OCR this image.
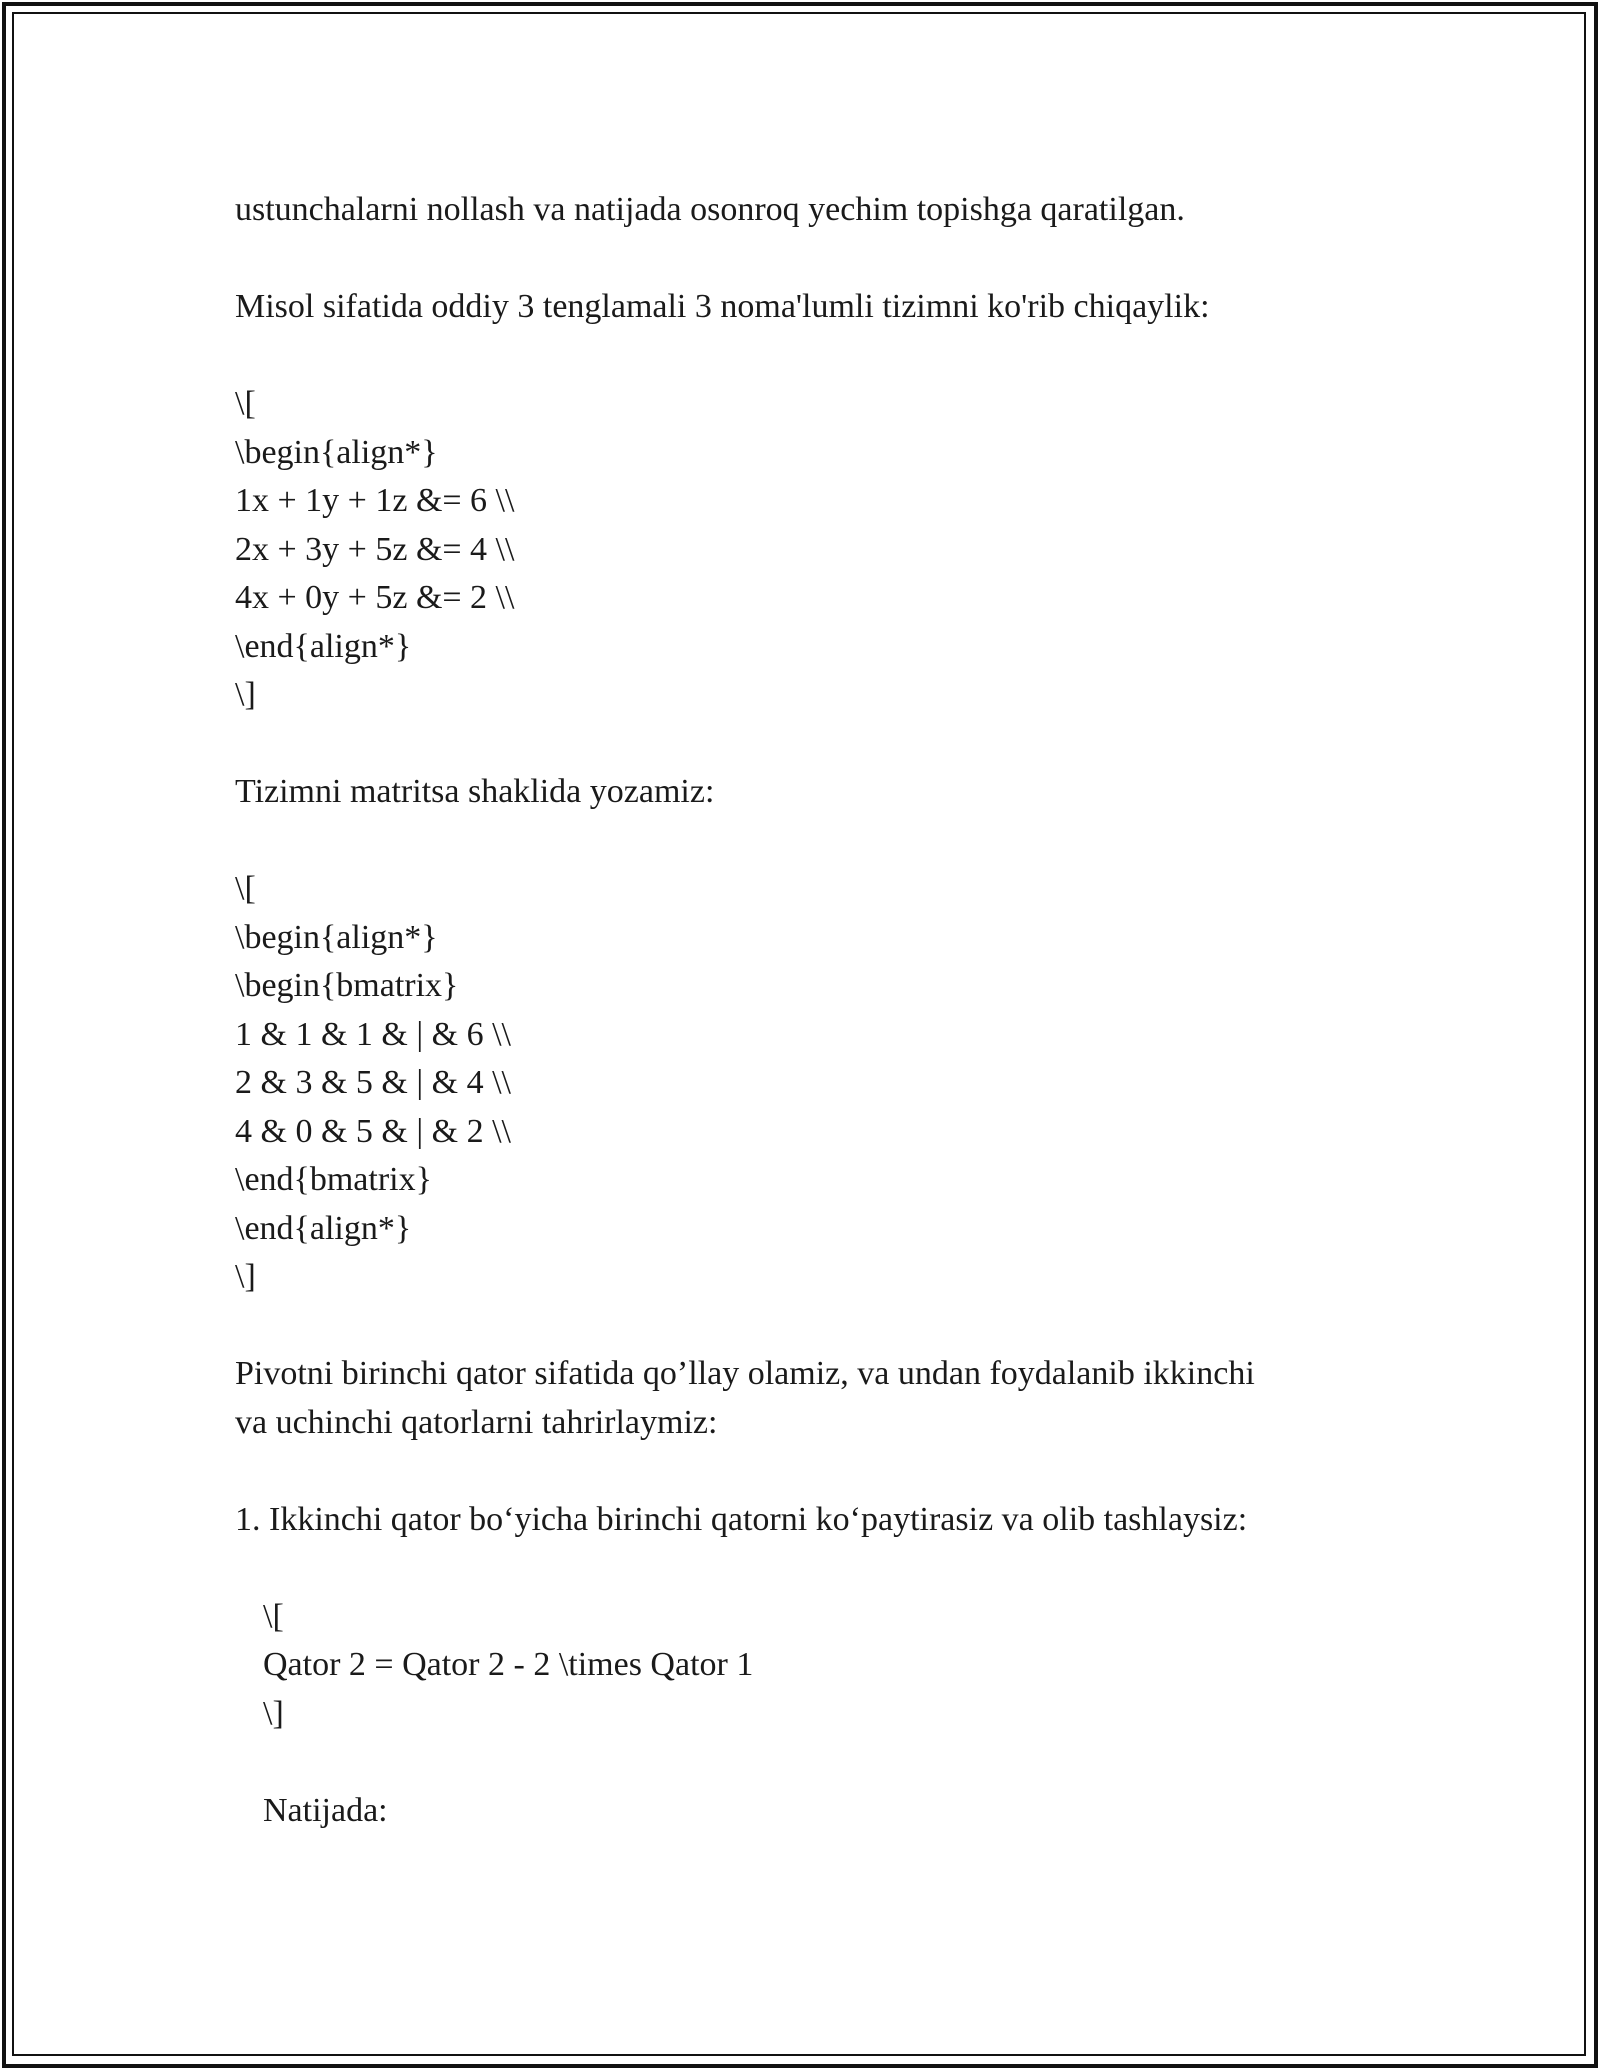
ustunchalarni nollash va natijada osonroq yechim topishga qaratilgan.
Misol sifatida oddiy 3 tenglamali 3 noma'lumli tizimni ko'rib chiqaylik:
\[
\begin{align*}
1x + 1y + 1z &= 6 \\
2x + 3y + 5z &= 4 \\
4x + 0y + 5z &= 2 \\
\end{align*}
\]
Tizimni matritsa shaklida yozamiz:
\[
\begin{align*}
\begin{bmatrix}
1 & 1 & 1 & | & 6 \\
2 & 3 & 5 & | & 4 \\
4 & 0 & 5 & | & 2 \\
\end{bmatrix}
\end{align*}
\]
Pivotni birinchi qator sifatida qo’llay olamiz, va undan foydalanib ikkinchi
va uchinchi qatorlarni tahrirlaymiz:
1. Ikkinchi qator bo‘yicha birinchi qatorni ko‘paytirasiz va olib tashlaysiz:
\[
Qator 2 = Qator 2 - 2 \times Qator 1
\]
Natijada:
